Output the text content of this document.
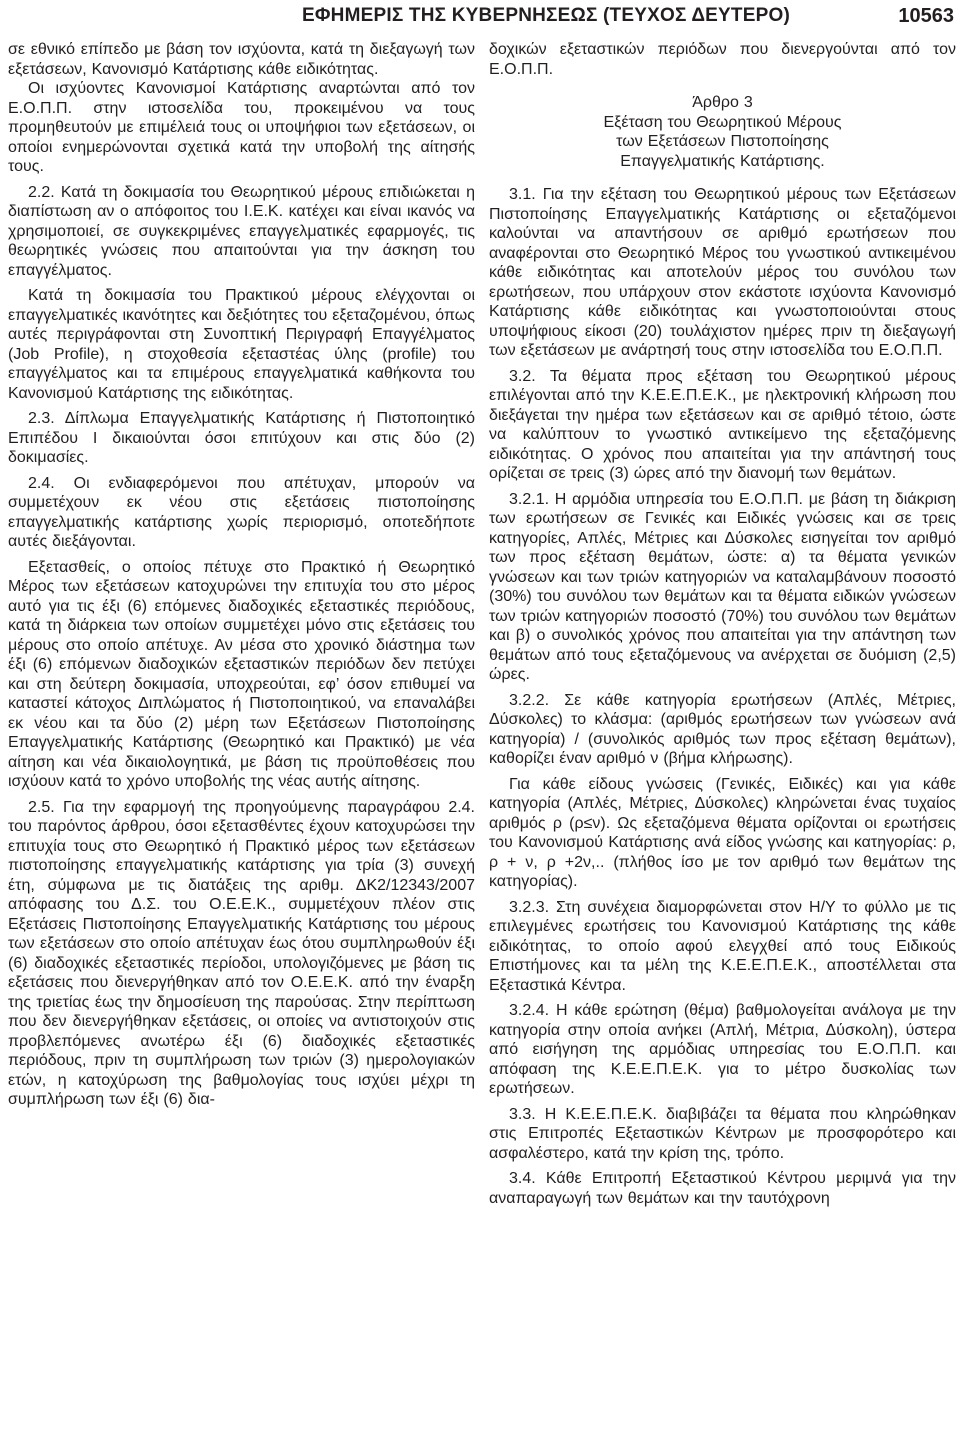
ΕΦΗΜΕΡΙΣ ΤΗΣ ΚΥΒΕΡΝΗΣΕΩΣ (ΤΕΥΧΟΣ ΔΕΥΤΕΡΟ)	10563

σε εθνικό επίπεδο με βάση τον ισχύοντα, κατά τη διεξαγωγή των εξετάσεων, Κανονισμό Κατάρτισης κάθε ειδικότητας.

Οι ισχύοντες Κανονισμοί Κατάρτισης αναρτώνται από τον Ε.Ο.Π.Π. στην ιστοσελίδα του, προκειμένου να τους προμηθευτούν με επιμέλειά τους οι υποψήφιοι των εξετάσεων, οι οποίοι ενημερώνονται σχετικά κατά την υποβολή της αίτησής τους.

2.2. Κατά τη δοκιμασία του Θεωρητικού μέρους επιδιώκεται η διαπίστωση αν ο απόφοιτος του Ι.Ε.Κ. κατέχει και είναι ικανός να χρησιμοποιεί, σε συγκεκριμένες επαγγελματικές εφαρμογές, τις θεωρητικές γνώσεις που απαιτούνται για την άσκηση του επαγγέλματος.

Κατά τη δοκιμασία του Πρακτικού μέρους ελέγχονται οι επαγγελματικές ικανότητες και δεξιότητες του εξεταζομένου, όπως αυτές περιγράφονται στη Συνοπτική Περιγραφή Επαγγέλματος (Job Profile), η στοχοθεσία εξεταστέας ύλης (profile) του επαγγέλματος και τα επιμέρους επαγγελματικά καθήκοντα του Κανονισμού Κατάρτισης της ειδικότητας.

2.3. Δίπλωμα Επαγγελματικής Κατάρτισης ή Πιστοποιητικό Επιπέδου Ι δικαιούνται όσοι επιτύχουν και στις δύο (2) δοκιμασίες.

2.4. Οι ενδιαφερόμενοι που απέτυχαν, μπορούν να συμμετέχουν εκ νέου στις εξετάσεις πιστοποίησης επαγγελματικής κατάρτισης χωρίς περιορισμό, οποτεδήποτε αυτές διεξάγονται.

Εξετασθείς, ο οποίος πέτυχε στο Πρακτικό ή Θεωρητικό Μέρος των εξετάσεων κατοχυρώνει την επιτυχία του στο μέρος αυτό για τις έξι (6) επόμενες διαδοχικές εξεταστικές περιόδους, κατά τη διάρκεια των οποίων συμμετέχει μόνο στις εξετάσεις του μέρους στο οποίο απέτυχε. Αν μέσα στο χρονικό διάστημα των έξι (6) επόμενων διαδοχικών εξεταστικών περιόδων δεν πετύχει και στη δεύτερη δοκιμασία, υποχρεούται, εφ’ όσον επιθυμεί να καταστεί κάτοχος Διπλώματος ή Πιστοποιητικού, να επαναλάβει εκ νέου και τα δύο (2) μέρη των Εξετάσεων Πιστοποίησης Επαγγελματικής Κατάρτισης (Θεωρητικό και Πρακτικό) με νέα αίτηση και νέα δικαιολογητικά, με βάση τις προϋποθέσεις που ισχύουν κατά το χρόνο υποβολής της νέας αυτής αίτησης.

2.5. Για την εφαρμογή της προηγούμενης παραγράφου 2.4. του παρόντος άρθρου, όσοι εξετασθέντες έχουν κατοχυρώσει την επιτυχία τους στο Θεωρητικό ή Πρακτικό μέρος των εξετάσεων πιστοποίησης επαγγελματικής κατάρτισης για τρία (3) συνεχή έτη, σύμφωνα με τις διατάξεις της αριθμ. ΔΚ2/12343/2007 απόφασης του Δ.Σ. του Ο.Ε.Ε.Κ., συμμετέχουν πλέον στις Εξετάσεις Πιστοποίησης Επαγγελματικής Κατάρτισης του μέρους των εξετάσεων στο οποίο απέτυχαν έως ότου συμπληρωθούν έξι (6) διαδοχικές εξεταστικές περίοδοι, υπολογιζόμενες με βάση τις εξετάσεις που διενεργήθηκαν από τον Ο.Ε.Ε.Κ. από την έναρξη της τριετίας έως την δημοσίευση της παρούσας. Στην περίπτωση που δεν διενεργήθηκαν εξετάσεις, οι οποίες να αντιστοιχούν στις προβλεπόμενες ανωτέρω έξι (6) διαδοχικές εξεταστικές περιόδους, πριν τη συμπλήρωση των τριών (3) ημερολογιακών ετών, η κατοχύρωση της βαθμολογίας τους ισχύει μέχρι τη συμπλήρωση των έξι (6) δια-

δοχικών εξεταστικών περιόδων που διενεργούνται από τον Ε.Ο.Π.Π.

Άρθρο 3
Εξέταση του Θεωρητικού Μέρους
των Εξετάσεων Πιστοποίησης
Επαγγελματικής Κατάρτισης.

3.1. Για την εξέταση του Θεωρητικού μέρους των Εξετάσεων Πιστοποίησης Επαγγελματικής Κατάρτισης οι εξεταζόμενοι καλούνται να απαντήσουν σε αριθμό ερωτήσεων που αναφέρονται στο Θεωρητικό Μέρος του γνωστικού αντικειμένου κάθε ειδικότητας και αποτελούν μέρος του συνόλου των ερωτήσεων, που υπάρχουν στον εκάστοτε ισχύοντα Κανονισμό Κατάρτισης κάθε ειδικότητας και γνωστοποιούνται στους υποψήφιους είκοσι (20) τουλάχιστον ημέρες πριν τη διεξαγωγή των εξετάσεων με ανάρτησή τους στην ιστοσελίδα του Ε.Ο.Π.Π.

3.2. Τα θέματα προς εξέταση του Θεωρητικού μέρους επιλέγονται από την Κ.Ε.Ε.Π.Ε.Κ., με ηλεκτρονική κλήρωση που διεξάγεται την ημέρα των εξετάσεων και σε αριθμό τέτοιο, ώστε να καλύπτουν το γνωστικό αντικείμενο της εξεταζόμενης ειδικότητας. Ο χρόνος που απαιτείται για την απάντησή τους ορίζεται σε τρεις (3) ώρες από την διανομή των θεμάτων.

3.2.1. Η αρμόδια υπηρεσία του Ε.Ο.Π.Π. με βάση τη διάκριση των ερωτήσεων σε Γενικές και Ειδικές γνώσεις και σε τρεις κατηγορίες, Απλές, Μέτριες και Δύσκολες εισηγείται τον αριθμό των προς εξέταση θεμάτων, ώστε: α) τα θέματα γενικών γνώσεων και των τριών κατηγοριών να καταλαμβάνουν ποσοστό (30%) του συνόλου των θεμάτων και τα θέματα ειδικών γνώσεων των τριών κατηγοριών ποσοστό (70%) του συνόλου των θεμάτων και β) ο συνολικός χρόνος που απαιτείται για την απάντηση των θεμάτων από τους εξεταζόμενους να ανέρχεται σε δυόμιση (2,5) ώρες.

3.2.2. Σε κάθε κατηγορία ερωτήσεων (Απλές, Μέτριες, Δύσκολες) το κλάσμα: (αριθμός ερωτήσεων των γνώσεων ανά κατηγορία) / (συνολικός αριθμός των προς εξέταση θεμάτων), καθορίζει έναν αριθμό ν (βήμα κλήρωσης).

Για κάθε είδους γνώσεις (Γενικές, Ειδικές) και για κάθε κατηγορία (Απλές, Μέτριες, Δύσκολες) κληρώνεται ένας τυχαίος αριθμός ρ (ρ≤ν). Ως εξεταζόμενα θέματα ορίζονται οι ερωτήσεις του Κανονισμού Κατάρτισης ανά είδος γνώσης και κατηγορίας: ρ, ρ + ν, ρ +2ν,.. (πλήθος ίσο με τον αριθμό των θεμάτων της κατηγορίας).

3.2.3. Στη συνέχεια διαμορφώνεται στον Η/Υ το φύλλο με τις επιλεγμένες ερωτήσεις του Κανονισμού Κατάρτισης της κάθε ειδικότητας, το οποίο αφού ελεγχθεί από τους Ειδικούς Επιστήμονες και τα μέλη της Κ.Ε.Ε.Π.Ε.Κ., αποστέλλεται στα Εξεταστικά Κέντρα.

3.2.4. Η κάθε ερώτηση (θέμα) βαθμολογείται ανάλογα με την κατηγορία στην οποία ανήκει (Απλή, Μέτρια, Δύσκολη), ύστερα από εισήγηση της αρμόδιας υπηρεσίας του Ε.Ο.Π.Π. και απόφαση της Κ.Ε.Ε.Π.Ε.Κ. για το μέτρο δυσκολίας των ερωτήσεων.

3.3. Η Κ.Ε.Ε.Π.Ε.Κ. διαβιβάζει τα θέματα που κληρώθηκαν στις Επιτροπές Εξεταστικών Κέντρων με προσφορότερο και ασφαλέστερο, κατά την κρίση της, τρόπο.

3.4. Κάθε Επιτροπή Εξεταστικού Κέντρου μεριμνά για την αναπαραγωγή των θεμάτων και την ταυτόχρονη
